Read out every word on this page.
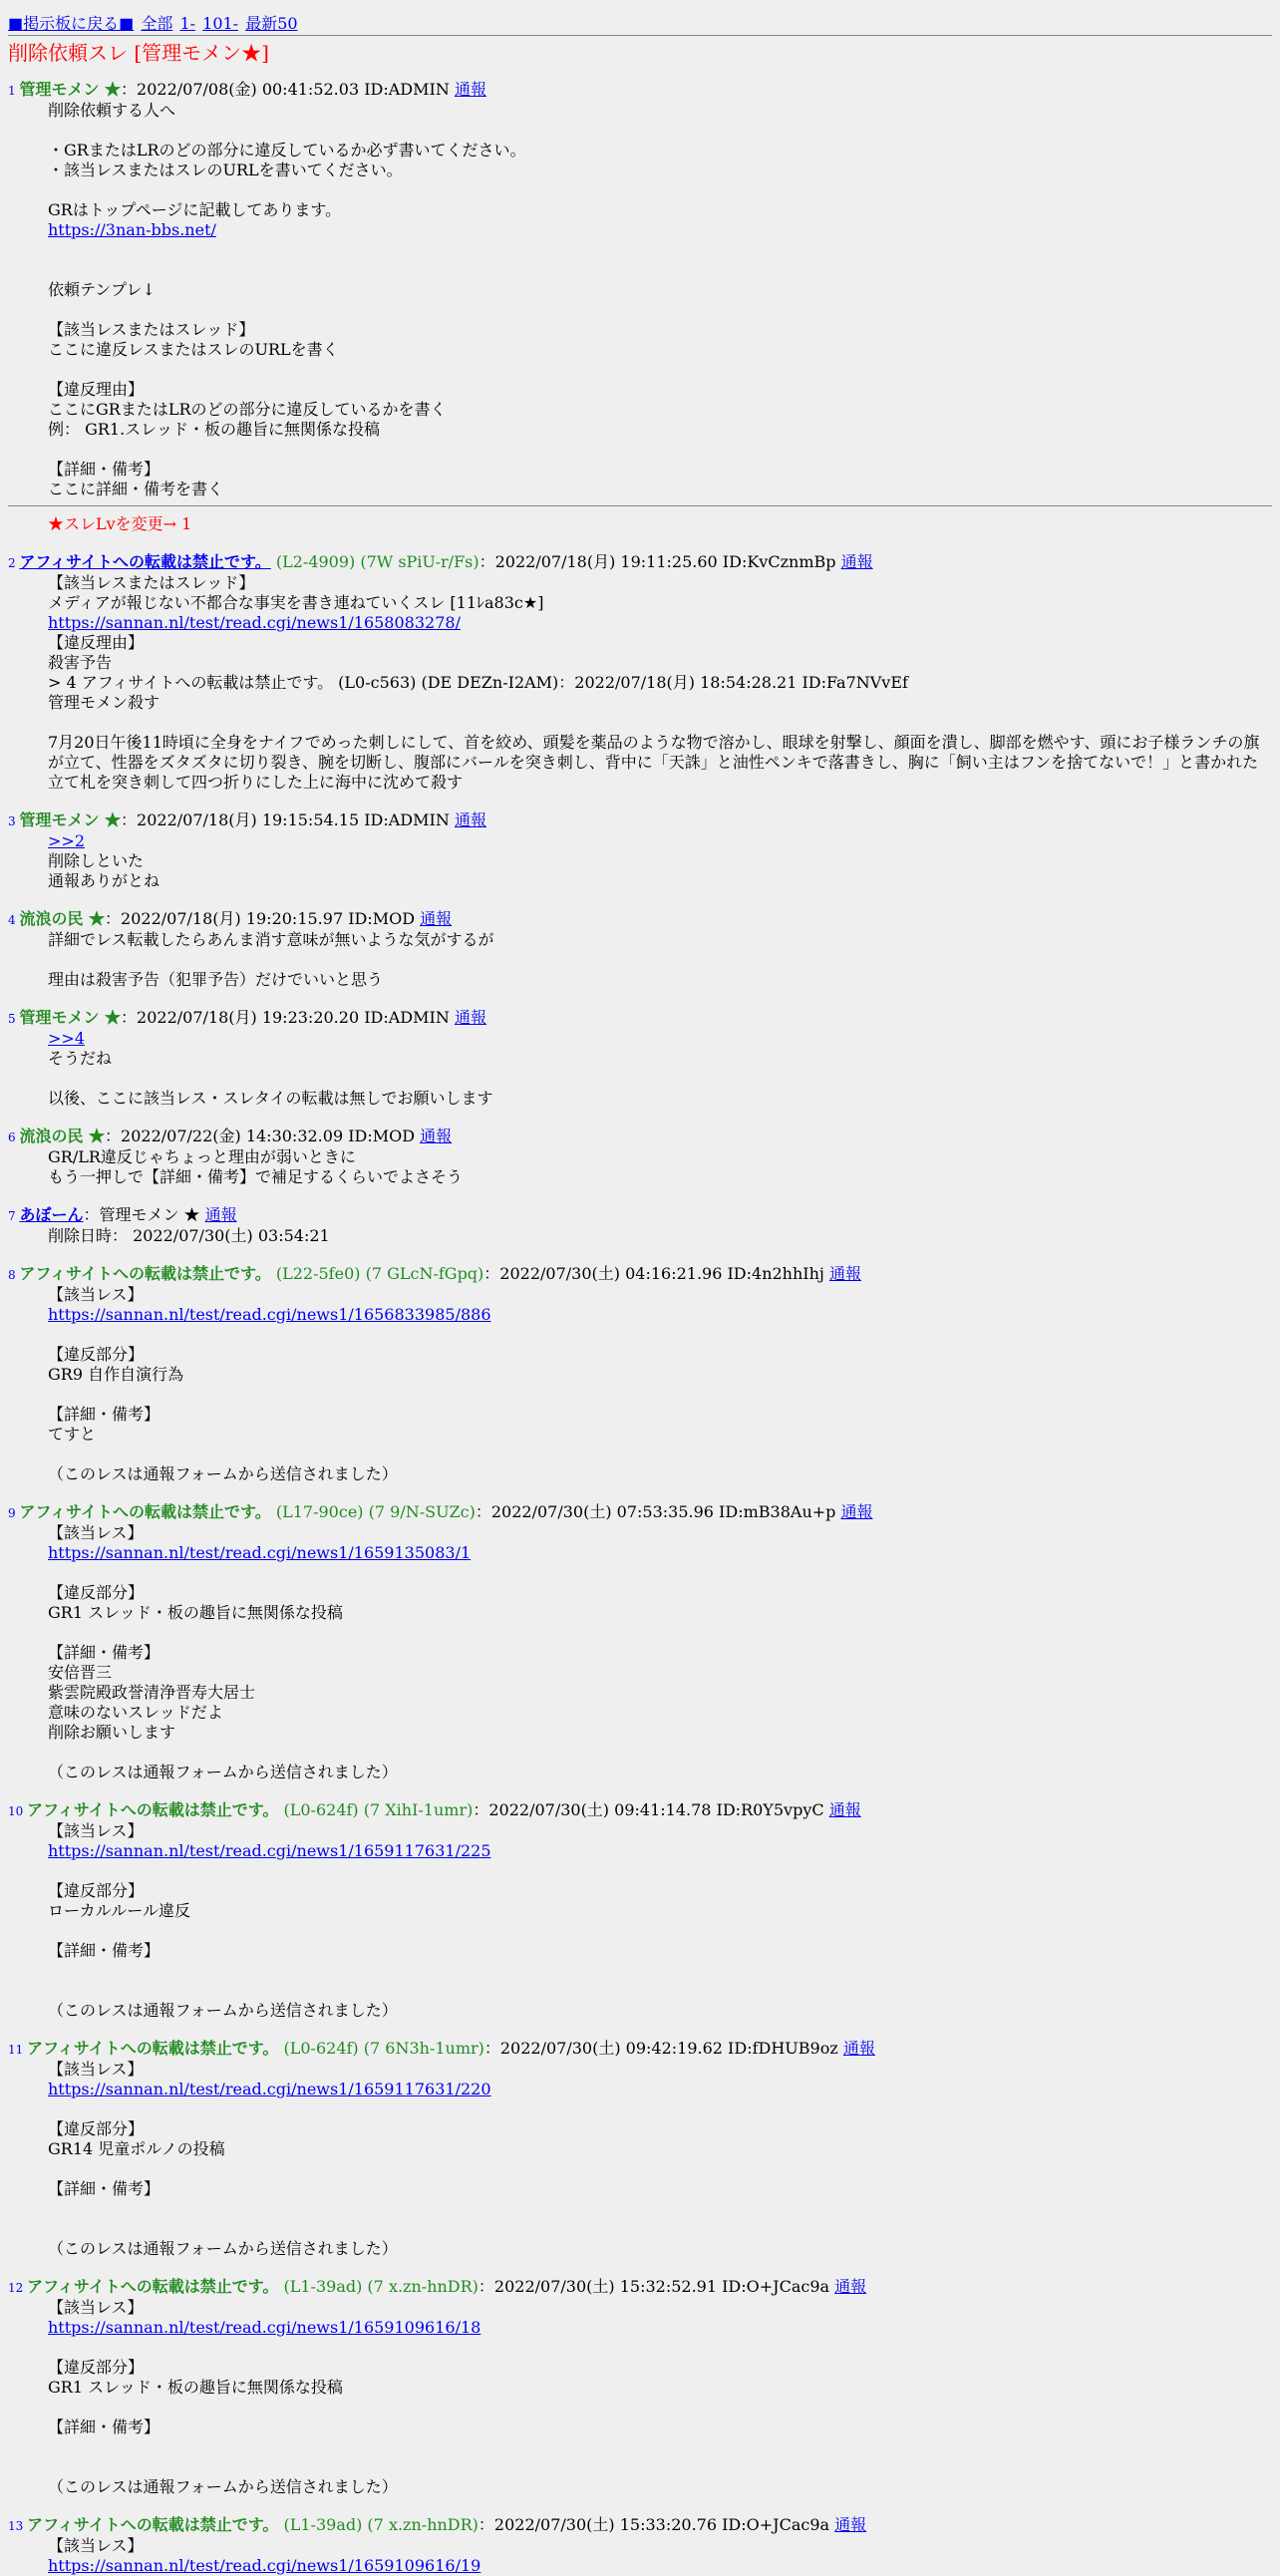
■掲示板に戻る■ 全部 1- 101- 最新50
削除依頼スレ [管理モメン★]
1 管理モメン ★：2022/07/08(金) 00:41:52.03 ID:ADMIN 通報
削除依頼する人へ
・GRまたはLRのどの部分に違反しているか必ず書いてください。
・該当レスまたはスレのURLを書いてください。
GRはトップページに記載してあります。
https://3nan-bbs.net/
依頼テンプレ↓
【該当レスまたはスレッド】
ここに違反レスまたはスレのURLを書く
【違反理由】
ここにGRまたはLRのどの部分に違反しているかを書く
例： GR1.スレッド・板の趣旨に無関係な投稿
【詳細・備考】
ここに詳細・備考を書く
★スレLvを変更→ 1
2 アフィサイトへの転載は禁止です。 (L2-4909) (7W sPiU-r/Fs)：2022/07/18(月) 19:11:25.60 ID:KvCznmBp 通報
【該当レスまたはスレッド】
メディアが報じない不都合な事実を書き連ねていくスレ [11ﾚa83c★]
https://sannan.nl/test/read.cgi/news1/1658083278/
【違反理由】
殺害予告
> 4 アフィサイトへの転載は禁止です。 (L0-c563) (DE DEZn-I2AM)：2022/07/18(月) 18:54:28.21 ID:Fa7NVvEf
管理モメン殺す
7月20日午後11時頃に全身をナイフでめった刺しにして、首を絞め、頭髪を薬品のような物で溶かし、眼球を射撃し、顔面を潰し、脚部を燃やす、頭にお子様ランチの旗が立て、性器をズタズタに切り裂き、腕を切断し、腹部にバールを突き刺し、背中に「天誅」と油性ペンキで落書きし、胸に「飼い主はフンを捨てないで！」と書かれた立て札を突き刺して四つ折りにした上に海中に沈めて殺す
3 管理モメン ★：2022/07/18(月) 19:15:54.15 ID:ADMIN 通報
>>2
削除しといた
通報ありがとね
4 流浪の民 ★：2022/07/18(月) 19:20:15.97 ID:MOD 通報
詳細でレス転載したらあんま消す意味が無いような気がするが
理由は殺害予告（犯罪予告）だけでいいと思う
5 管理モメン ★：2022/07/18(月) 19:23:20.20 ID:ADMIN 通報
>>4
そうだね
以後、ここに該当レス・スレタイの転載は無しでお願いします
6 流浪の民 ★：2022/07/22(金) 14:30:32.09 ID:MOD 通報
GR/LR違反じゃちょっと理由が弱いときに
もう一押しで【詳細・備考】で補足するくらいでよさそう
7 あぼーん：管理モメン ★ 通報
削除日時： 2022/07/30(土) 03:54:21
8 アフィサイトへの転載は禁止です。 (L22-5fe0) (7 GLcN-fGpq)：2022/07/30(土) 04:16:21.96 ID:4n2hhIhj 通報
【該当レス】
https://sannan.nl/test/read.cgi/news1/1656833985/886
【違反部分】
GR9 自作自演行為
【詳細・備考】
てすと
（このレスは通報フォームから送信されました）
9 アフィサイトへの転載は禁止です。 (L17-90ce) (7 9/N-SUZc)：2022/07/30(土) 07:53:35.96 ID:mB38Au+p 通報
【該当レス】
https://sannan.nl/test/read.cgi/news1/1659135083/1
【違反部分】
GR1 スレッド・板の趣旨に無関係な投稿
【詳細・備考】
安倍晋三
紫雲院殿政誉清浄晋寿大居士
意味のないスレッドだよ
削除お願いします
（このレスは通報フォームから送信されました）
10 アフィサイトへの転載は禁止です。 (L0-624f) (7 XihI-1umr)：2022/07/30(土) 09:41:14.78 ID:R0Y5vpyC 通報
【該当レス】
https://sannan.nl/test/read.cgi/news1/1659117631/225
【違反部分】
ローカルルール違反
【詳細・備考】
（このレスは通報フォームから送信されました）
11 アフィサイトへの転載は禁止です。 (L0-624f) (7 6N3h-1umr)：2022/07/30(土) 09:42:19.62 ID:fDHUB9oz 通報
【該当レス】
https://sannan.nl/test/read.cgi/news1/1659117631/220
【違反部分】
GR14 児童ポルノの投稿
【詳細・備考】
（このレスは通報フォームから送信されました）
12 アフィサイトへの転載は禁止です。 (L1-39ad) (7 x.zn-hnDR)：2022/07/30(土) 15:32:52.91 ID:O+JCac9a 通報
【該当レス】
https://sannan.nl/test/read.cgi/news1/1659109616/18
【違反部分】
GR1 スレッド・板の趣旨に無関係な投稿
【詳細・備考】
（このレスは通報フォームから送信されました）
13 アフィサイトへの転載は禁止です。 (L1-39ad) (7 x.zn-hnDR)：2022/07/30(土) 15:33:20.76 ID:O+JCac9a 通報
【該当レス】
https://sannan.nl/test/read.cgi/news1/1659109616/19
